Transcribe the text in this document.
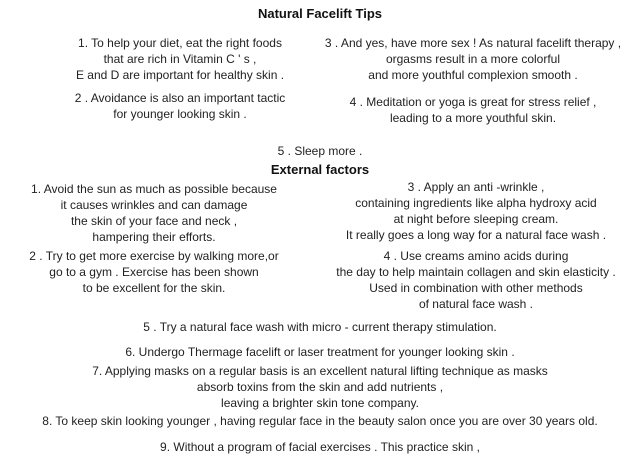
Natural Facelift Tips
1. To help your diet, eat the right foods
that are rich in Vitamin C ' s ,
E and D are important for healthy skin .
3 . And yes, have more sex ! As natural facelift therapy ,
orgasms result in a more colorful
and more youthful complexion smooth .
2 . Avoidance is also an important tactic
for younger looking skin .
4 . Meditation or yoga is great for stress relief ,
leading to a more youthful skin.
5 . Sleep more .
External factors
1. Avoid the sun as much as possible because
it causes wrinkles and can damage
the skin of your face and neck ,
hampering their efforts.
3 . Apply an anti -wrinkle ,
containing ingredients like alpha hydroxy acid
at night before sleeping cream.
It really goes a long way for a natural face wash .
2 . Try to get more exercise by walking more,or
go to a gym . Exercise has been shown
to be excellent for the skin.
4 . Use creams amino acids during
the day to help maintain collagen and skin elasticity .
Used in combination with other methods
of natural face wash .
5 . Try a natural face wash with micro - current therapy stimulation.
6. Undergo Thermage facelift or laser treatment for younger looking skin .
7. Applying masks on a regular basis is an excellent natural lifting technique as masks
absorb toxins from the skin and add nutrients ,
leaving a brighter skin tone company.
8. To keep skin looking younger , having regular face in the beauty salon once you are over 30 years old.
9. Without a program of facial exercises . This practice skin ,
